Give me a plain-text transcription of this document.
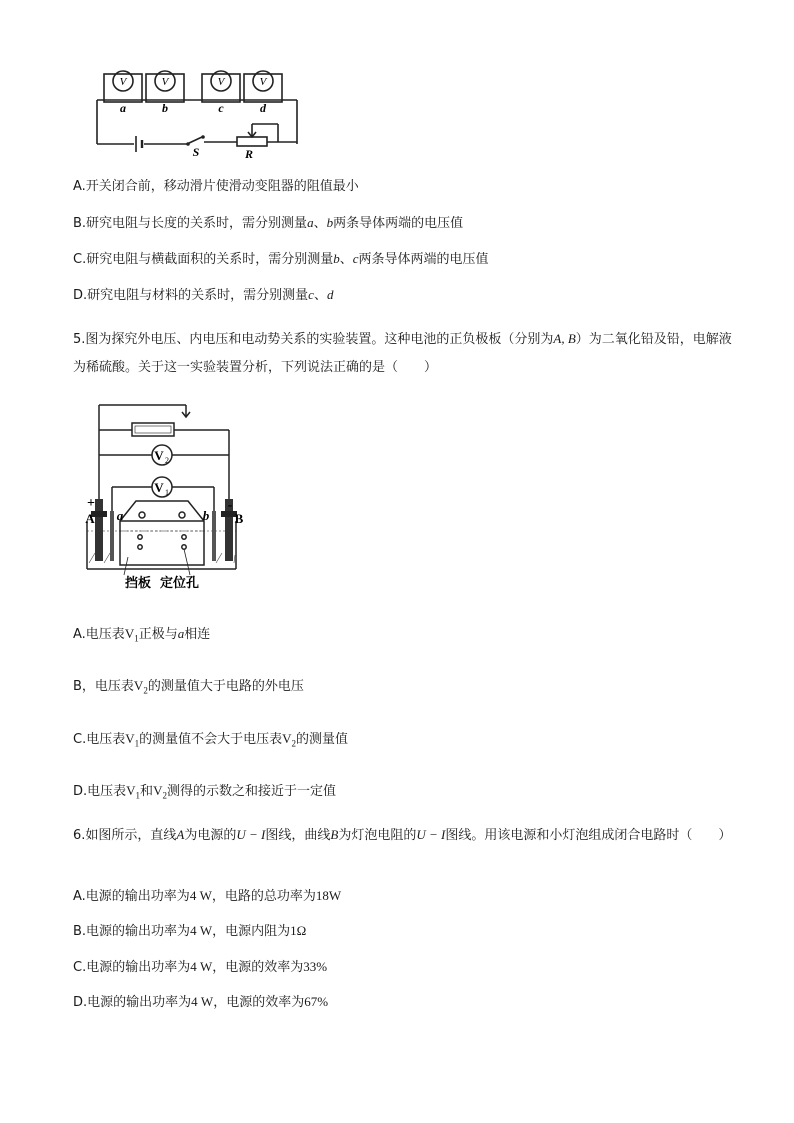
V	V	V	V
a	b	c	d
S	R
A.开关闭合前，移动滑片使滑动变阻器的阻值最小
B.研究电阻与长度的关系时，需分别测量a、b两条导体两端的电压值
C.研究电阻与横截面积的关系时，需分别测量b、c两条导体两端的电压值
D.研究电阻与材料的关系时，需分别测量c、d
5.图为探究外电压、内电压和电动势关系的实验装置。这种电池的正负极板（分别为A, B）为二氧化铅及铅，电解液为稀硫酸。关于这一实验装置分析，下列说法正确的是（　　）
V 2
V 1
+	-
A	B
a	b
挡板  定位孔
A.电压表$V_1$正极与a相连
B，电压表$V_2$的测量值大于电路的外电压
C.电压表$V_1$的测量值不会大于电压表$V_2$的测量值
D.电压表$V_1$和$V_2$测得的示数之和接近于一定值
6.如图所示，直线A为电源的U − I图线，曲线B为灯泡电阻的U − I图线。用该电源和小灯泡组成闭合电路时（　　）
A.电源的输出功率为4 W，电路的总功率为18W
B.电源的输出功率为4 W，电源内阻为1Ω
C.电源的输出功率为4 W，电源的效率为33%
D.电源的输出功率为4 W，电源的效率为67%
